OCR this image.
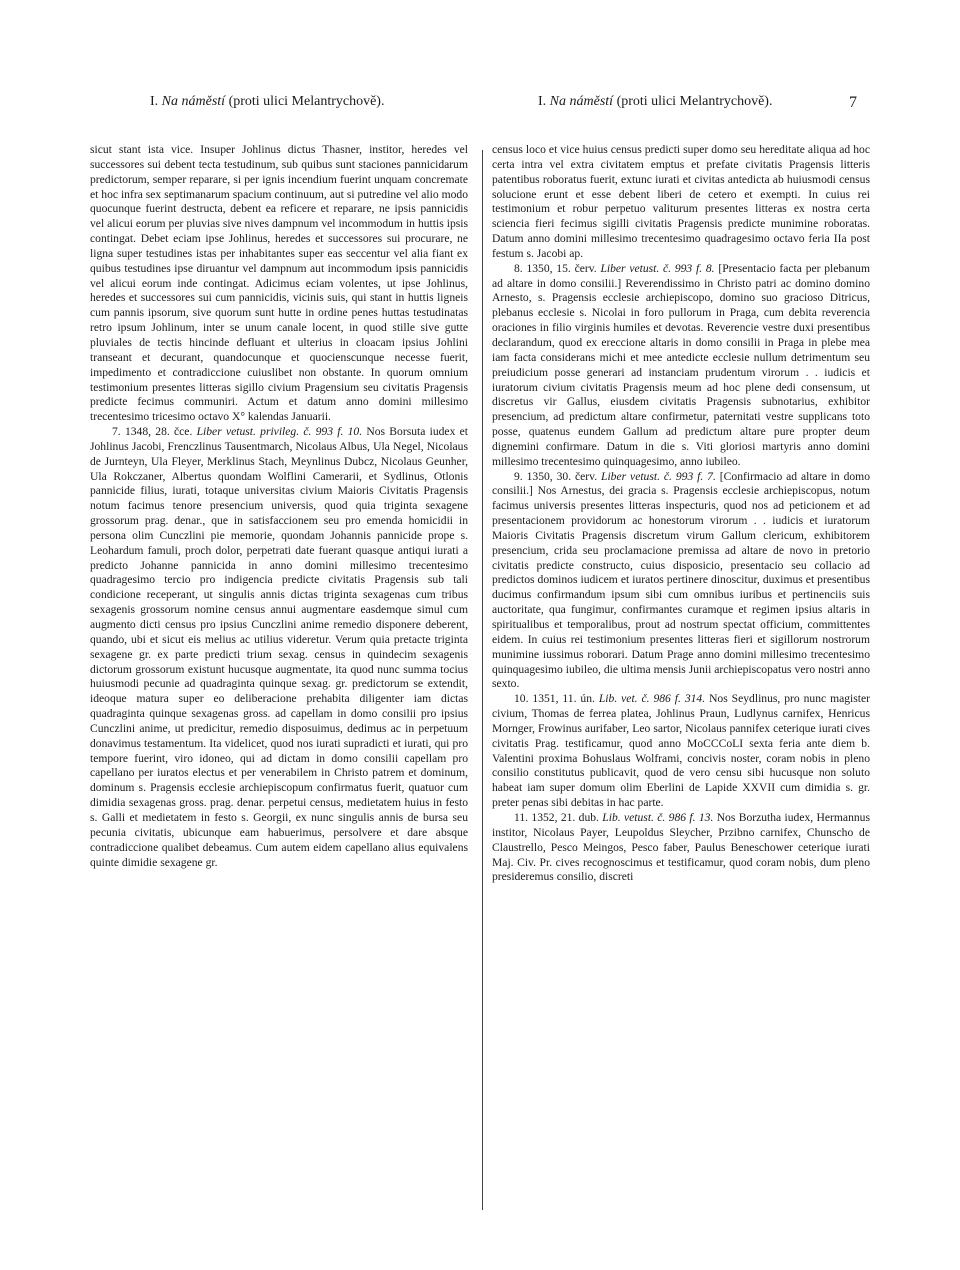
I. Na náměstí (proti ulici Melantrychově).	I. Na náměstí (proti ulici Melantrychově).	7

sicut stant ista vice. Insuper Johlinus dictus Thasner, institor, heredes vel successores sui debent tecta testudinum, sub quibus sunt staciones pannicidarum predictorum, semper reparare, si per ignis incendium fuerint unquam concremate et hoc infra sex septimanarum spacium continuum, aut si putredine vel alio modo quocunque fuerint destructa, debent ea reficere et reparare, ne ipsis pannicidis vel alicui eorum per pluvias sive nives dampnum vel incommodum in huttis ipsis contingat. Debet eciam ipse Johlinus, heredes et successores sui procurare, ne ligna super testudines istas per inhabitantes super eas seccentur vel alia fiant ex quibus testudines ipse diruantur vel dampnum aut incommodum ipsis pannicidis vel alicui eorum inde contingat. Adicimus eciam volentes, ut ipse Johlinus, heredes et successores sui cum pannicidis, vicinis suis, qui stant in huttis ligneis cum pannis ipsorum, sive quorum sunt hutte in ordine penes huttas testudinatas retro ipsum Johlinum, inter se unum canale locent, in quod stille sive gutte pluviales de tectis hincinde defluant et ulterius in cloacam ipsius Johlini transeant et decurant, quandocunque et quocienscunque necesse fuerit, impedimento et contradiccione cuiuslibet non obstante. In quorum omnium testimonium presentes litteras sigillo civium Pragensium seu civitatis Pragensis predicte fecimus communiri. Actum et datum anno domini millesimo trecentesimo tricesimo octavo X° kalendas Januarii.

7. 1348, 28. čce. Liber vetust. privileg. č. 993 f. 10. Nos Borsuta iudex et Johlinus Jacobi, Frenczlinus Tausentmarch, Nicolaus Albus, Ula Negel, Nicolaus de Jurnteyn, Ula Fleyer, Merklinus Stach, Meynlinus Dubcz, Nicolaus Geunher, Ula Rokczaner, Albertus quondam Wolflini Camerarii, et Sydlinus, Otlonis pannicide filius, iurati, totaque universitas civium Maioris Civitatis Pragensis notum facimus tenore presencium universis, quod quia triginta sexagene grossorum prag. denar., que in satisfaccionem seu pro emenda homicidii in persona olim Cunczlini pie memorie, quondam Johannis pannicide prope s. Leohardum famuli, proch dolor, perpetrati date fuerant quasque antiqui iurati a predicto Johanne pannicida in anno domini millesimo trecentesimo quadragesimo tercio pro indigencia predicte civitatis Pragensis sub tali condicione receperant, ut singulis annis dictas triginta sexagenas cum tribus sexagenis grossorum nomine census annui augmentare easdemque simul cum augmento dicti census pro ipsius Cunczlini anime remedio disponere deberent, quando, ubi et sicut eis melius ac utilius videretur. Verum quia pretacte triginta sexagene gr. ex parte predicti trium sexag. census in quindecim sexagenis dictorum grossorum existunt hucusque augmentate, ita quod nunc summa tocius huiusmodi pecunie ad quadraginta quinque sexag. gr. predictorum se extendit, ideoque matura super eo deliberacione prehabita diligenter iam dictas quadraginta quinque sexagenas gross. ad capellam in domo consilii pro ipsius Cunczlini anime, ut predicitur, remedio disposuimus, dedimus ac in perpetuum donavimus testamentum. Ita videlicet, quod nos iurati supradicti et iurati, qui pro tempore fuerint, viro idoneo, qui ad dictam in domo consilii capellam pro capellano per iuratos electus et per venerabilem in Christo patrem et dominum, dominum s. Pragensis ecclesie archiepiscopum confirmatus fuerit, quatuor cum dimidia sexagenas gross. prag. denar. perpetui census, medietatem huius in festo s. Galli et medietatem in festo s. Georgii, ex nunc singulis annis de bursa seu pecunia civitatis, ubicunque eam habuerimus, persolvere et dare absque contradiccione qualibet debeamus. Cum autem eidem capellano alius equivalens quinte dimidie sexagene gr.

census loco et vice huius census predicti super domo seu hereditate aliqua ad hoc certa intra vel extra civitatem emptus et prefate civitatis Pragensis litteris patentibus roboratus fuerit, extunc iurati et civitas antedicta ab huiusmodi census solucione erunt et esse debent liberi de cetero et exempti. In cuius rei testimonium et robur perpetuo valiturum presentes litteras ex nostra certa sciencia fieri fecimus sigilli civitatis Pragensis predicte munimine roboratas. Datum anno domini millesimo trecentesimo quadragesimo octavo feria IIa post festum s. Jacobi ap.

8. 1350, 15. červ. Liber vetust. č. 993 f. 8. [Presentacio facta per plebanum ad altare in domo consilii.] Reverendissimo in Christo patri ac domino domino Arnesto, s. Pragensis ecclesie archiepiscopo, domino suo gracioso Ditricus, plebanus ecclesie s. Nicolai in foro pullorum in Praga, cum debita reverencia oraciones in filio virginis humiles et devotas. Reverencie vestre duxi presentibus declarandum, quod ex ereccione altaris in domo consilii in Praga in plebe mea iam facta considerans michi et mee antedicte ecclesie nullum detrimentum seu preiudicium posse generari ad instanciam prudentum virorum . . iudicis et iuratorum civium civitatis Pragensis meum ad hoc plene dedi consensum, ut discretus vir Gallus, eiusdem civitatis Pragensis subnotarius, exhibitor presencium, ad predictum altare confirmetur, paternitati vestre supplicans toto posse, quatenus eundem Gallum ad predictum altare pure propter deum dignemini confirmare. Datum in die s. Viti gloriosi martyris anno domini millesimo trecentesimo quinquagesimo, anno iubileo.

9. 1350, 30. červ. Liber vetust. č. 993 f. 7. [Confirmacio ad altare in domo consilii.] Nos Arnestus, dei gracia s. Pragensis ecclesie archiepiscopus, notum facimus universis presentes litteras inspecturis, quod nos ad peticionem et ad presentacionem providorum ac honestorum virorum . . iudicis et iuratorum Maioris Civitatis Pragensis discretum virum Gallum clericum, exhibitorem presencium, crida seu proclamacione premissa ad altare de novo in pretorio civitatis predicte constructo, cuius disposicio, presentacio seu collacio ad predictos dominos iudicem et iuratos pertinere dinoscitur, duximus et presentibus ducimus confirmandum ipsum sibi cum omnibus iuribus et pertinenciis suis auctoritate, qua fungimur, confirmantes curamque et regimen ipsius altaris in spiritualibus et temporalibus, prout ad nostrum spectat officium, committentes eidem. In cuius rei testimonium presentes litteras fieri et sigillorum nostrorum munimine iussimus roborari. Datum Prage anno domini millesimo trecentesimo quinquagesimo iubileo, die ultima mensis Junii archiepiscopatus vero nostri anno sexto.

10. 1351, 11. ún. Lib. vet. č. 986 f. 314. Nos Seydlinus, pro nunc magister civium, Thomas de ferrea platea, Johlinus Praun, Ludlynus carnifex, Henricus Mornger, Frowinus aurifaber, Leo sartor, Nicolaus pannifex ceterique iurati cives civitatis Prag. testificamur, quod anno MoCCCoLI sexta feria ante diem b. Valentini proxima Bohuslaus Wolframi, concivis noster, coram nobis in pleno consilio constitutus publicavit, quod de vero censu sibi hucusque non soluto habeat iam super domum olim Eberlini de Lapide XXVII cum dimidia s. gr. preter penas sibi debitas in hac parte.

11. 1352, 21. dub. Lib. vetust. č. 986 f. 13. Nos Borzutha iudex, Hermannus institor, Nicolaus Payer, Leupoldus Sleycher, Przibno carnifex, Chunscho de Claustrello, Pesco Meingos, Pesco faber, Paulus Beneschower ceterique iurati Maj. Civ. Pr. cives recognoscimus et testificamur, quod coram nobis, dum pleno presideremus consilio, discreti
